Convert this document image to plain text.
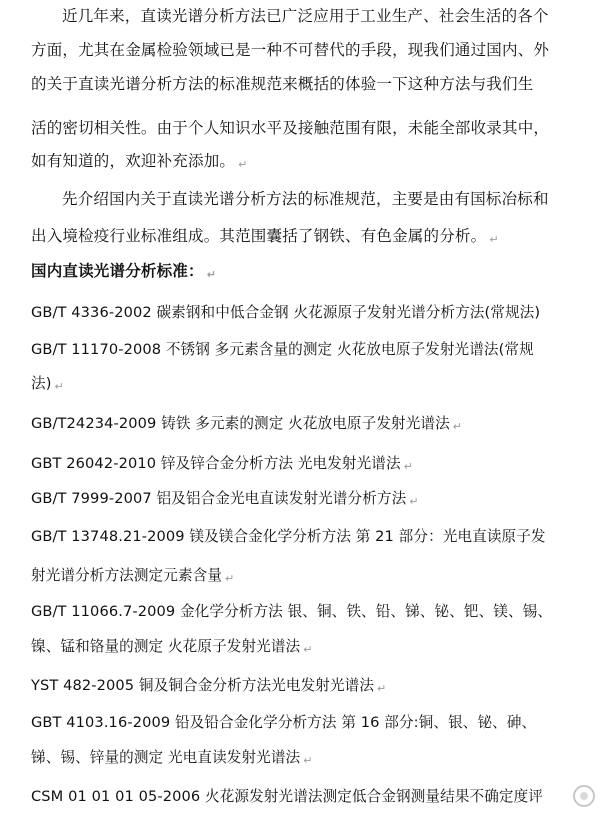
近几年来，直读光谱分析方法已广泛应用于工业生产、社会生活的各个
方面，尤其在金属检验领域已是一种不可替代的手段，现我们通过国内、外
的关于直读光谱分析方法的标准规范来概括的体验一下这种方法与我们生
活的密切相关性。由于个人知识水平及接触范围有限，未能全部收录其中，
如有知道的，欢迎补充添加。 ↵
先介绍国内关于直读光谱分析方法的标准规范，主要是由有国标冶标和
出入境检疫行业标准组成。其范围囊括了钢铁、有色金属的分析。 ↵
国内直读光谱分析标准： ↵
GB/T 4336-2002 碳素钢和中低合金钢 火花源原子发射光谱分析方法(常规法)
GB/T 11170-2008 不锈钢 多元素含量的测定 火花放电原子发射光谱法(常规
法) ↵
GB/T24234-2009 铸铁 多元素的测定 火花放电原子发射光谱法 ↵
GBT 26042-2010 锌及锌合金分析方法 光电发射光谱法 ↵
GB/T 7999-2007 铝及铝合金光电直读发射光谱分析方法 ↵
GB/T 13748.21-2009 镁及镁合金化学分析方法 第 21 部分：光电直读原子发
射光谱分析方法测定元素含量 ↵
GB/T 11066.7-2009 金化学分析方法 银、铜、铁、铅、锑、铋、钯、镁、锡、
镍、锰和铬量的测定 火花原子发射光谱法 ↵
YST 482-2005 铜及铜合金分析方法光电发射光谱法 ↵
GBT 4103.16-2009 铅及铅合金化学分析方法 第 16 部分:铜、银、铋、砷、
锑、锡、锌量的测定 光电直读发射光谱法 ↵
CSM 01 01 01 05-2006 火花源发射光谱法测定低合金钢测量结果不确定度评
